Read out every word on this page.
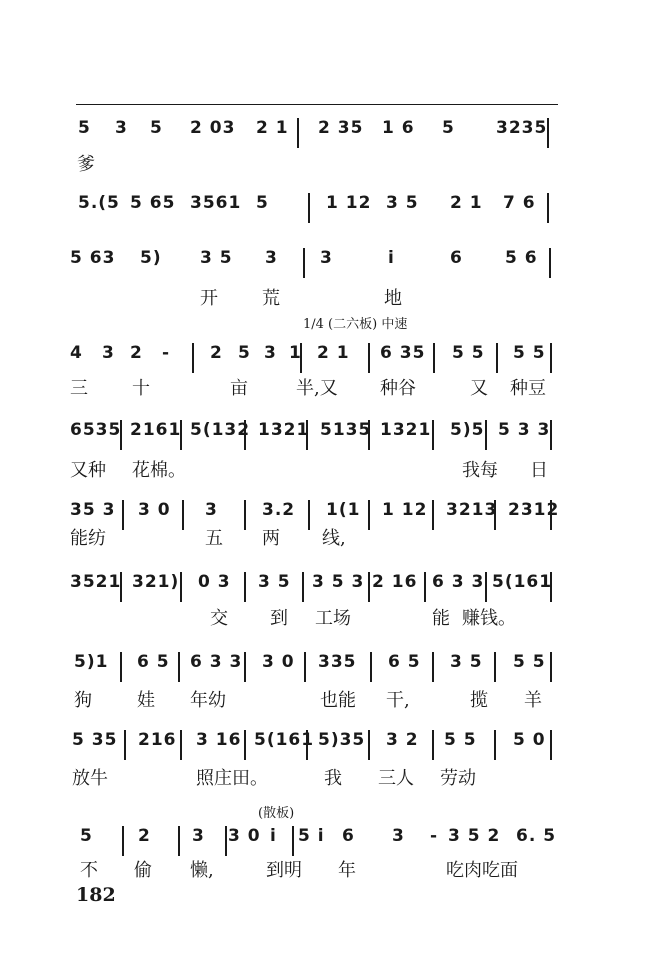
5 3 5 2 03 2 1 2 35 1 6 5 3235
爹
5.(5 5 65 3561 5	1 12 3 5 2 1 7 6
5 63 5) 3 5 3 3	i	6 5 6
开 荒	地
4 3 2 - 2 5 3 1 2 1 6 35 5 5 5 5
三 十	亩	半,又 种谷	又 种豆
1/4 (二六板) 中速
6535 2161 5(132 1321 5135 1321 5)5 5 3 3
又种 花棉。	我每 日
35 3 3 0 3	3.2 1(1 1 12 3213 2312
能纺	五 两 线,
3521 321) 0 3 3 5 3 5 3 2 16 6 3 3 5(161
交 到 工场	能 赚钱。
5)1 6 5 6 3 3 3 0 335 6 5 3 5 5 5
狗	娃 年幼	也能 干,	揽 羊
5 35 216 3 16 5(161 5)35 3 2 5 5 5 0
放牛	照庄田。	我 三人 劳动
5	2 3 3 0 i 5 i 6 3 - 3 5 2 6. 5
不 偷 懒,	到明 年	吃肉吃面
(散板)
182
